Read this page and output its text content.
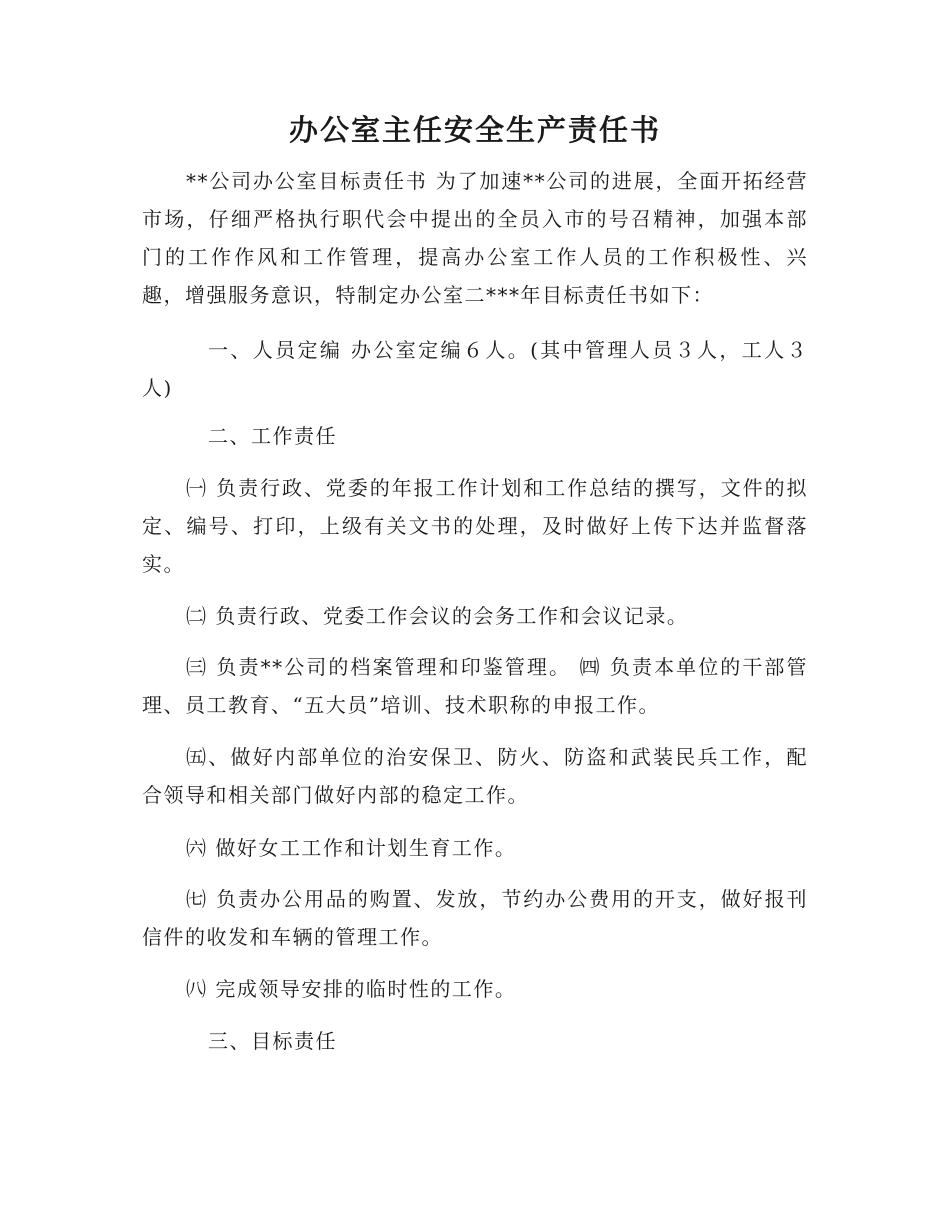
办公室主任安全生产责任书

**公司办公室目标责任书 为了加速**公司的进展，全面开拓经营市场，仔细严格执行职代会中提出的全员入市的号召精神，加强本部门的工作作风和工作管理，提高办公室工作人员的工作积极性、兴趣，增强服务意识，特制定办公室二***年目标责任书如下：

一、人员定编 办公室定编６人。(其中管理人员３人，工人３人)

二、工作责任

㈠ 负责行政、党委的年报工作计划和工作总结的撰写，文件的拟定、编号、打印，上级有关文书的处理，及时做好上传下达并监督落实。

㈡ 负责行政、党委工作会议的会务工作和会议记录。

㈢ 负责**公司的档案管理和印鉴管理。 ㈣ 负责本单位的干部管理、员工教育、“五大员”培训、技术职称的申报工作。

㈤、做好内部单位的治安保卫、防火、防盗和武装民兵工作，配合领导和相关部门做好内部的稳定工作。

㈥ 做好女工工作和计划生育工作。

㈦ 负责办公用品的购置、发放，节约办公费用的开支，做好报刊信件的收发和车辆的管理工作。

㈧ 完成领导安排的临时性的工作。

三、目标责任
